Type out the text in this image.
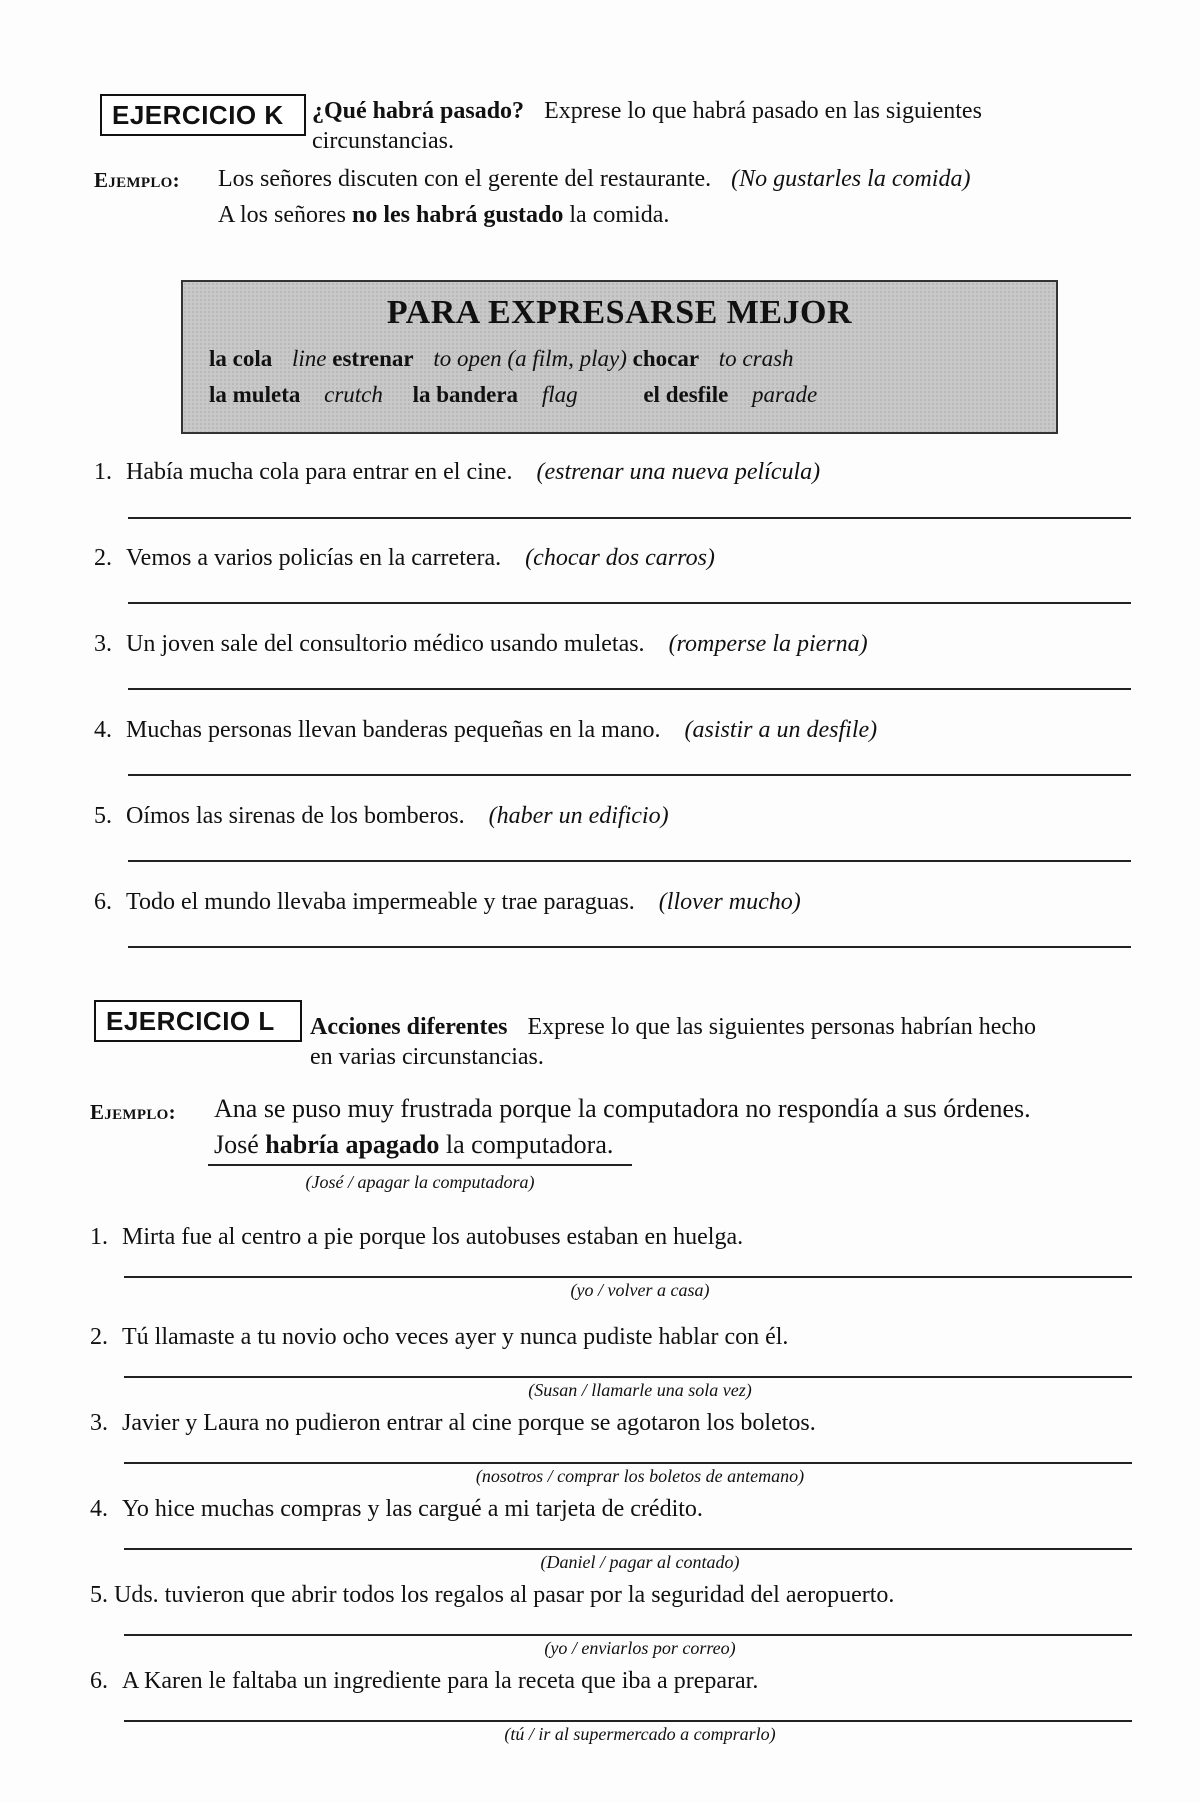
EJERCICIO K	¿Qué habrá pasado? Exprese lo que habrá pasado en las siguientes
circunstancias.
Ejemplo: Los señores discuten con el gerente del restaurante. (No gustarles la comida)
A los señores no les habrá gustado la comida.
PARA EXPRESARSE MEJOR
la cola line estrenar to open (a film, play) chocar to crash
la muleta crutch la bandera flag	el desfile parade
1. Había mucha cola para entrar en el cine. (estrenar una nueva película)
2. Vemos a varios policías en la carretera. (chocar dos carros)
3. Un joven sale del consultorio médico usando muletas. (romperse la pierna)
4. Muchas personas llevan banderas pequeñas en la mano. (asistir a un desfile)
5. Oímos las sirenas de los bomberos. (haber un edificio)
6. Todo el mundo llevaba impermeable y trae paraguas. (llover mucho)
EJERCICIO L	Acciones diferentes Exprese lo que las siguientes personas habrían hecho
en varias circunstancias.
Ejemplo: Ana se puso muy frustrada porque la computadora no respondía a sus órdenes.
José habría apagado la computadora.
(José / apagar la computadora)
1. Mirta fue al centro a pie porque los autobuses estaban en huelga.
(yo / volver a casa)
2. Tú llamaste a tu novio ocho veces ayer y nunca pudiste hablar con él.
(Susan / llamarle una sola vez)
3. Javier y Laura no pudieron entrar al cine porque se agotaron los boletos.
(nosotros / comprar los boletos de antemano)
4. Yo hice muchas compras y las cargué a mi tarjeta de crédito.
(Daniel / pagar al contado)
5. Uds. tuvieron que abrir todos los regalos al pasar por la seguridad del aeropuerto.
(yo / enviarlos por correo)
6. A Karen le faltaba un ingrediente para la receta que iba a preparar.
(tú / ir al supermercado a comprarlo)
